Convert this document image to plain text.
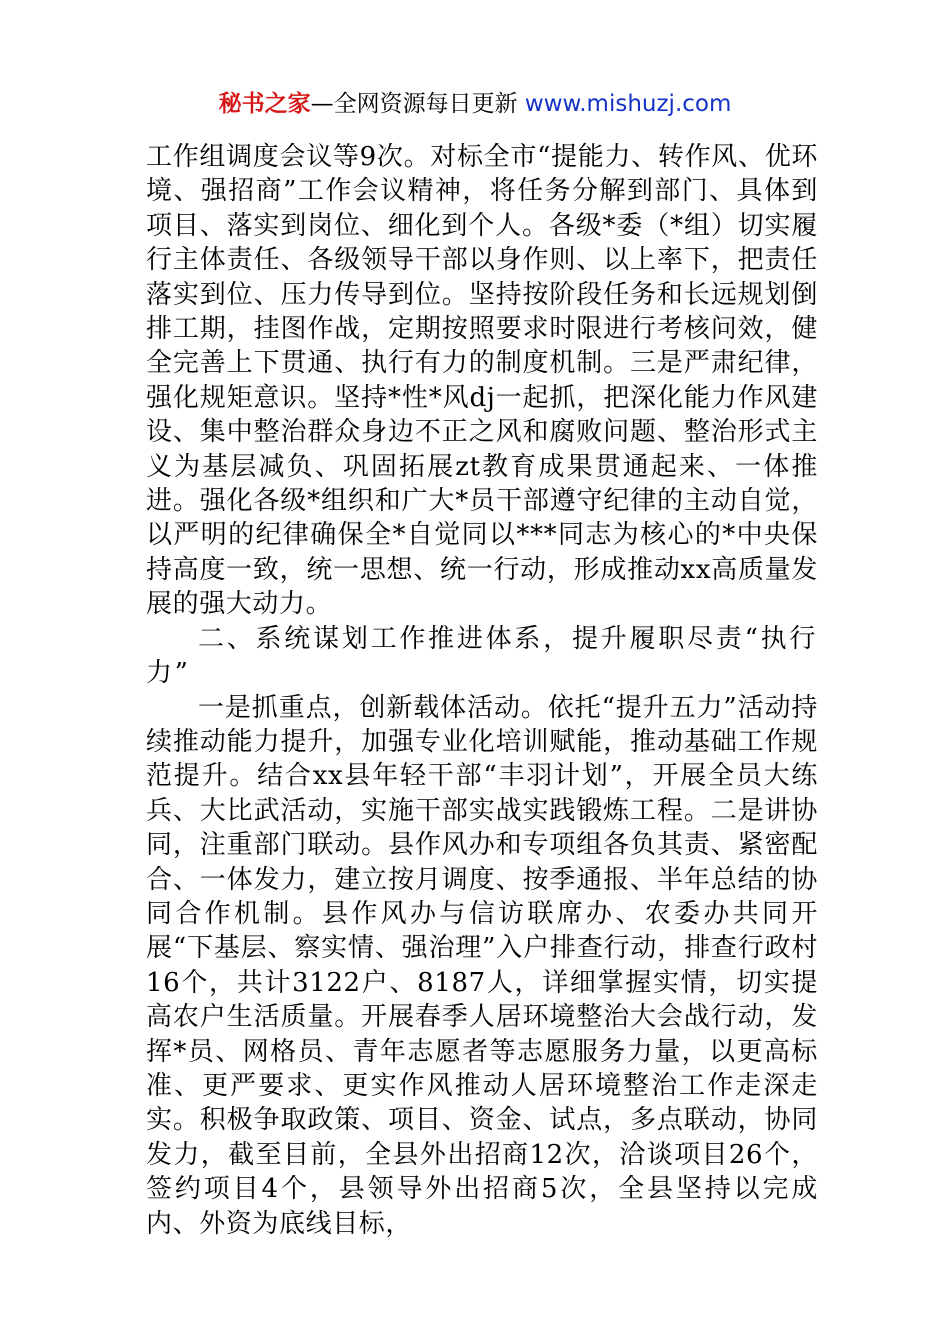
秘书之家—全网资源每日更新 www.mishuzj.com

工作组调度会议等9次。对标全市“提能力、转作风、优环境、强招商”工作会议精神，将任务分解到部门、具体到项目、落实到岗位、细化到个人。各级*委（*组）切实履行主体责任、各级领导干部以身作则、以上率下，把责任落实到位、压力传导到位。坚持按阶段任务和长远规划倒排工期，挂图作战，定期按照要求时限进行考核问效，健全完善上下贯通、执行有力的制度机制。三是严肃纪律，强化规矩意识。坚持*性*风dj一起抓，把深化能力作风建设、集中整治群众身边不正之风和腐败问题、整治形式主义为基层减负、巩固拓展zt教育成果贯通起来、一体推进。强化各级*组织和广大*员干部遵守纪律的主动自觉，以严明的纪律确保全*自觉同以***同志为核心的*中央保持高度一致，统一思想、统一行动，形成推动xx高质量发展的强大动力。

二、系统谋划工作推进体系，提升履职尽责“执行力”

一是抓重点，创新载体活动。依托“提升五力”活动持续推动能力提升，加强专业化培训赋能，推动基础工作规范提升。结合xx县年轻干部“丰羽计划”，开展全员大练兵、大比武活动，实施干部实战实践锻炼工程。二是讲协同，注重部门联动。县作风办和专项组各负其责、紧密配合、一体发力，建立按月调度、按季通报、半年总结的协同合作机制。县作风办与信访联席办、农委办共同开展“下基层、察实情、强治理”入户排查行动，排查行政村16个，共计3122户、8187人，详细掌握实情，切实提高农户生活质量。开展春季人居环境整治大会战行动，发挥*员、网格员、青年志愿者等志愿服务力量，以更高标准、更严要求、更实作风推动人居环境整治工作走深走实。积极争取政策、项目、资金、试点，多点联动，协同发力，截至目前，全县外出招商12次，洽谈项目26个，签约项目4个，县领导外出招商5次，全县坚持以完成内、外资为底线目标，
